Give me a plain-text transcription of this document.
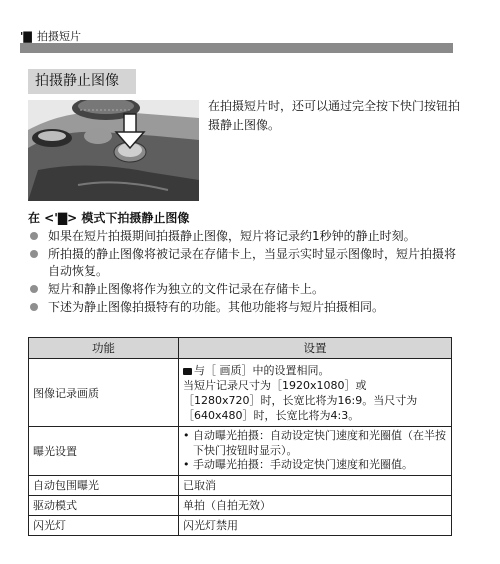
'▇ 拍摄短片
拍摄静止图像
在拍摄短片时，还可以通过完全按下快门按钮拍摄静止图像。
在 <'▇> 模式下拍摄静止图像
如果在短片拍摄期间拍摄静止图像，短片将记录约1秒钟的静止时刻。
所拍摄的静止图像将被记录在存储卡上，当显示实时显示图像时，短片拍摄将自动恢复。
短片和静止图像将作为独立的文件记录在存储卡上。
下述为静止图像拍摄特有的功能。其他功能将与短片拍摄相同。
功能	设置
图像记录画质	与［ 画质］中的设置相同。
当短片记录尺寸为［1920x1080］或
［1280x720］时，长宽比将为16:9。当尺寸为
［640x480］时，长宽比将为4:3。

曝光设置	• 自动曝光拍摄：自动设定快门速度和光圈值（在半按下快门按钮时显示）。
• 手动曝光拍摄：手动设定快门速度和光圈值。

自动包围曝光	已取消
驱动模式	单拍（自拍无效）
闪光灯	闪光灯禁用
